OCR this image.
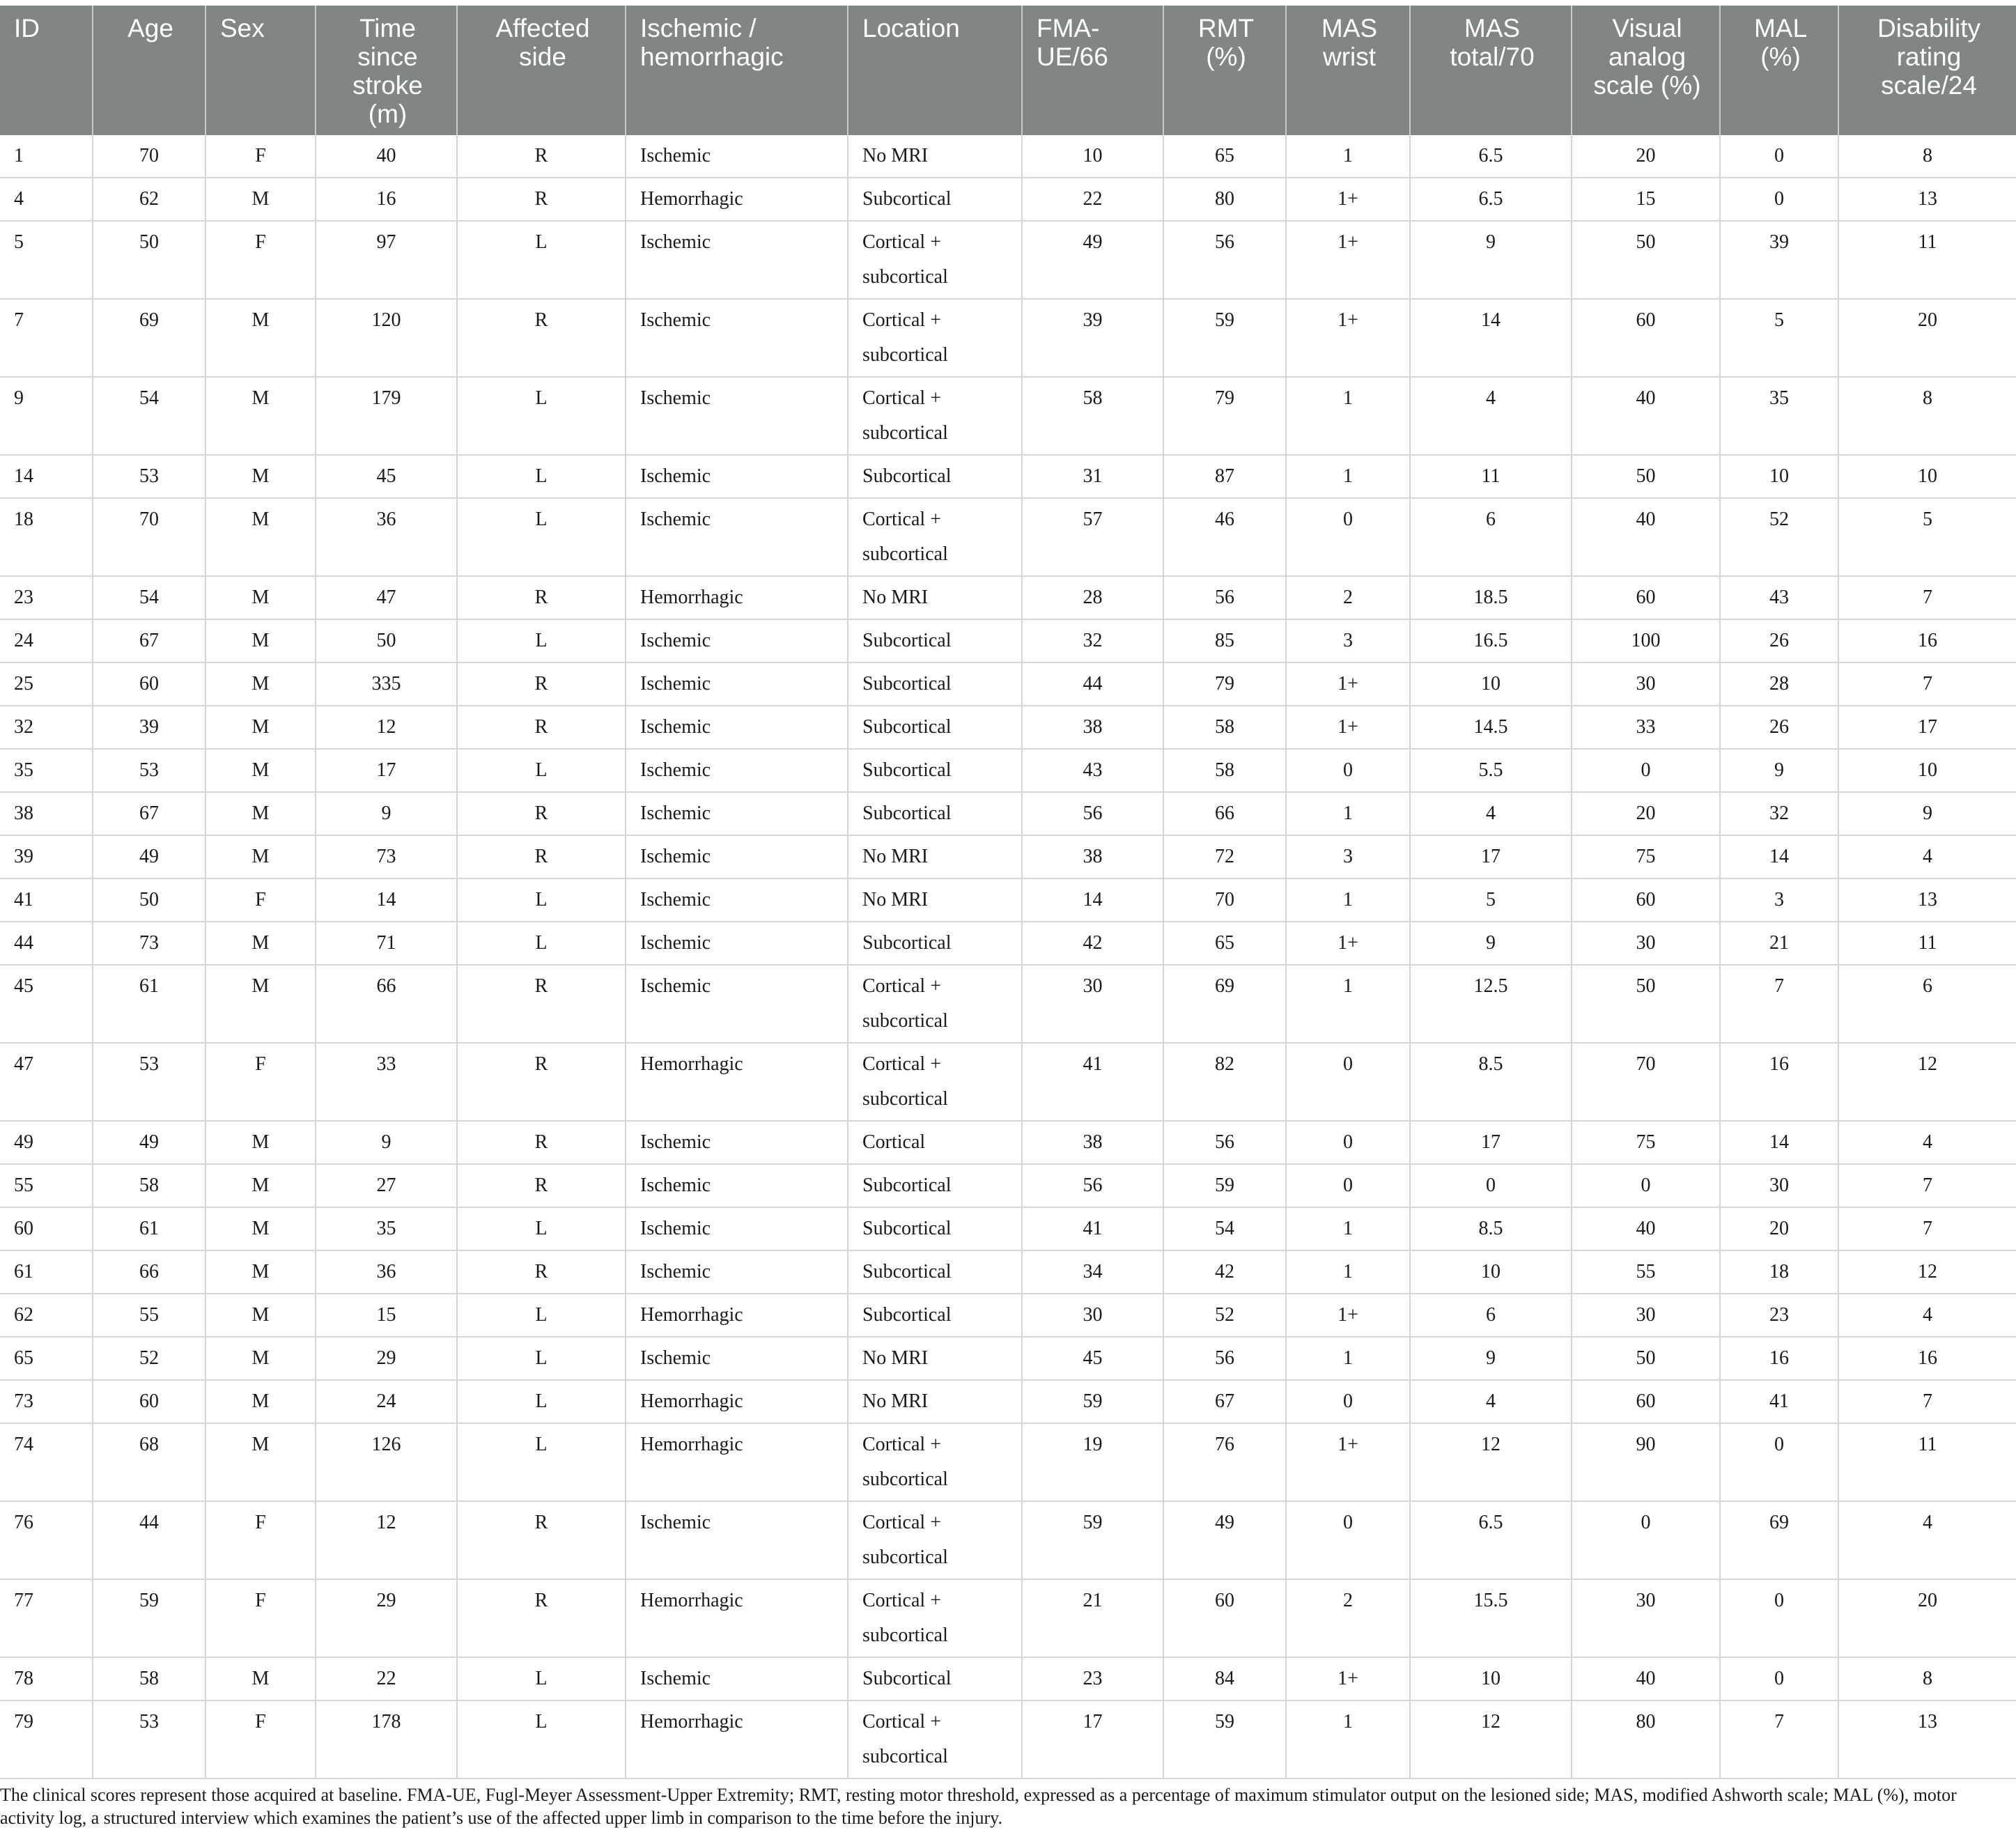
ID	Age	Sex	Time since stroke (m)	Affected side	Ischemic / hemorrhagic	Location	FMA-UE/66	RMT (%)	MAS wrist	MAS total/70	Visual analog scale (%)	MAL (%)	Disability rating scale/24
1	70	F	40	R	Ischemic	No MRI	10	65	1	6.5	20	0	8
4	62	M	16	R	Hemorrhagic	Subcortical	22	80	1+	6.5	15	0	13
5	50	F	97	L	Ischemic	Cortical + subcortical	49	56	1+	9	50	39	11
7	69	M	120	R	Ischemic	Cortical + subcortical	39	59	1+	14	60	5	20
9	54	M	179	L	Ischemic	Cortical + subcortical	58	79	1	4	40	35	8
14	53	M	45	L	Ischemic	Subcortical	31	87	1	11	50	10	10
18	70	M	36	L	Ischemic	Cortical + subcortical	57	46	0	6	40	52	5
23	54	M	47	R	Hemorrhagic	No MRI	28	56	2	18.5	60	43	7
24	67	M	50	L	Ischemic	Subcortical	32	85	3	16.5	100	26	16
25	60	M	335	R	Ischemic	Subcortical	44	79	1+	10	30	28	7
32	39	M	12	R	Ischemic	Subcortical	38	58	1+	14.5	33	26	17
35	53	M	17	L	Ischemic	Subcortical	43	58	0	5.5	0	9	10
38	67	M	9	R	Ischemic	Subcortical	56	66	1	4	20	32	9
39	49	M	73	R	Ischemic	No MRI	38	72	3	17	75	14	4
41	50	F	14	L	Ischemic	No MRI	14	70	1	5	60	3	13
44	73	M	71	L	Ischemic	Subcortical	42	65	1+	9	30	21	11
45	61	M	66	R	Ischemic	Cortical + subcortical	30	69	1	12.5	50	7	6
47	53	F	33	R	Hemorrhagic	Cortical + subcortical	41	82	0	8.5	70	16	12
49	49	M	9	R	Ischemic	Cortical	38	56	0	17	75	14	4
55	58	M	27	R	Ischemic	Subcortical	56	59	0	0	0	30	7
60	61	M	35	L	Ischemic	Subcortical	41	54	1	8.5	40	20	7
61	66	M	36	R	Ischemic	Subcortical	34	42	1	10	55	18	12
62	55	M	15	L	Hemorrhagic	Subcortical	30	52	1+	6	30	23	4
65	52	M	29	L	Ischemic	No MRI	45	56	1	9	50	16	16
73	60	M	24	L	Hemorrhagic	No MRI	59	67	0	4	60	41	7
74	68	M	126	L	Hemorrhagic	Cortical + subcortical	19	76	1+	12	90	0	11
76	44	F	12	R	Ischemic	Cortical + subcortical	59	49	0	6.5	0	69	4
77	59	F	29	R	Hemorrhagic	Cortical + subcortical	21	60	2	15.5	30	0	20
78	58	M	22	L	Ischemic	Subcortical	23	84	1+	10	40	0	8
79	53	F	178	L	Hemorrhagic	Cortical + subcortical	17	59	1	12	80	7	13
The clinical scores represent those acquired at baseline. FMA-UE, Fugl-Meyer Assessment-Upper Extremity; RMT, resting motor threshold, expressed as a percentage of maximum stimulator output on the lesioned side; MAS, modified Ashworth scale; MAL (%), motor activity log, a structured interview which examines the patient’s use of the affected upper limb in comparison to the time before the injury.
